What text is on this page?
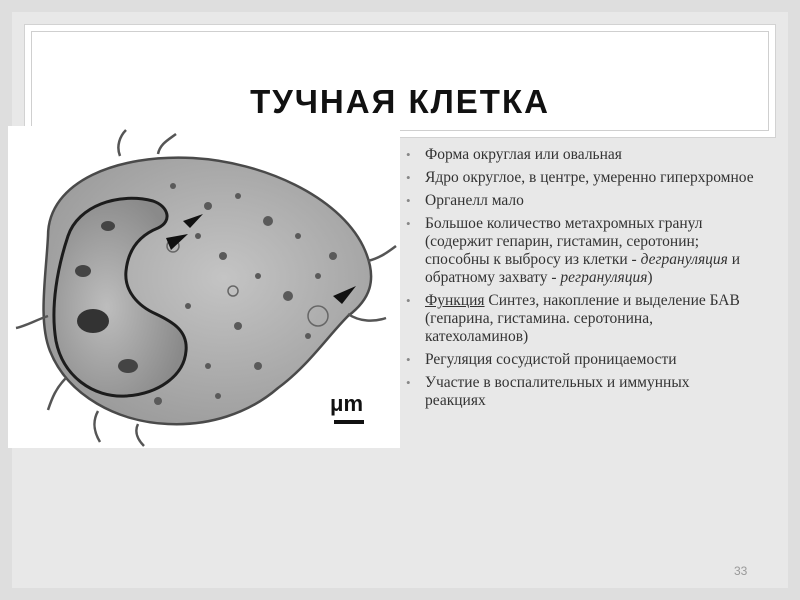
ТУЧНАЯ КЛЕТКА
μm
• Форма округлая или овальная
• Ядро округлое, в центре, умеренно гиперхромное
• Органелл мало
• Большое количество метахромных гранул (содержит гепарин, гистамин, серотонин; способны к выбросу из клетки - дегрануляция и обратному захвату - регрануляция)
• Функция Синтез, накопление и выделение БАВ (гепарина, гистамина. серотонина, катехоламинов)
• Регуляция сосудистой проницаемости
• Участие в воспалительных и иммунных реакциях
33
